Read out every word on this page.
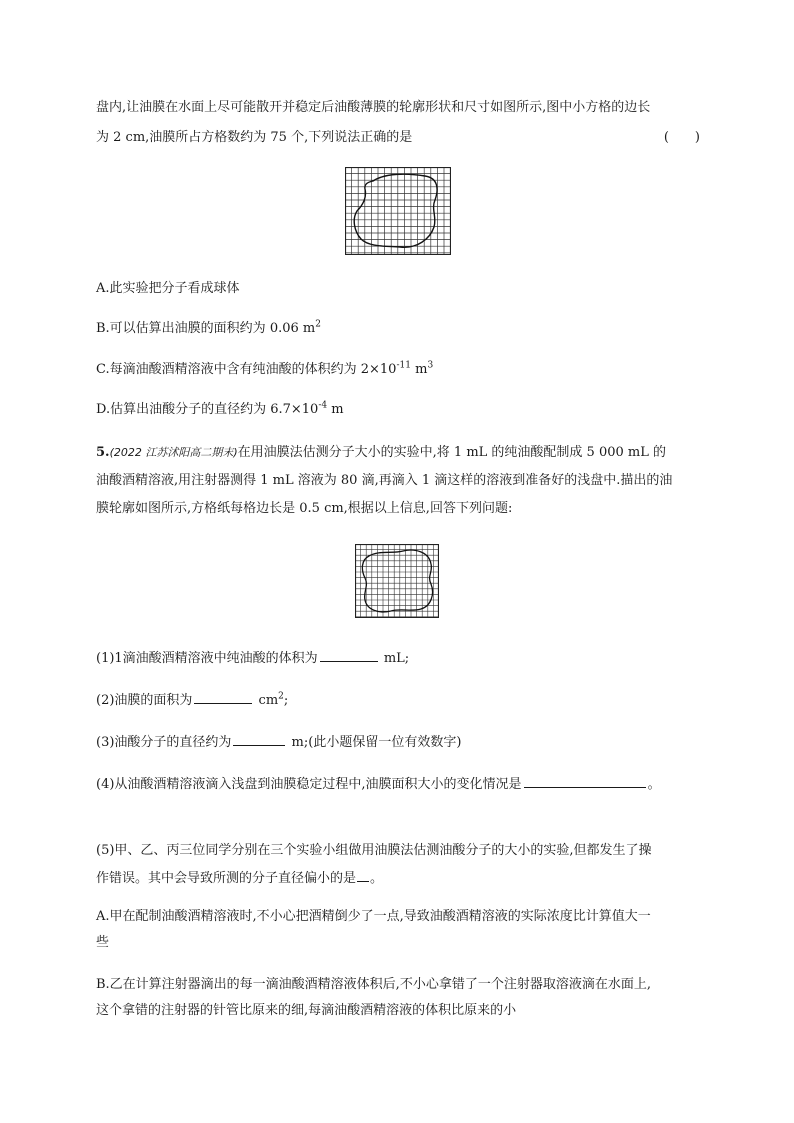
盘内,让油膜在水面上尽可能散开并稳定后油酸薄膜的轮廓形状和尺寸如图所示,图中小方格的边长
为 2 cm,油膜所占方格数约为 75 个,下列说法正确的是	(　　)
A.此实验把分子看成球体
B.可以估算出油膜的面积约为 0.06 $m^2$
C.每滴油酸酒精溶液中含有纯油酸的体积约为 $2\times 10^{-11}$ $m^3$
D.估算出油酸分子的直径约为 $6.7\times 10^{-4}$ m
5.(2022 江苏沭阳高二期末)在用油膜法估测分子大小的实验中,将 1 mL 的纯油酸配制成 5 000 mL 的
油酸酒精溶液,用注射器测得 1 mL 溶液为 80 滴,再滴入 1 滴这样的溶液到准备好的浅盘中.描出的油
膜轮廓如图所示,方格纸每格边长是 0.5 cm,根据以上信息,回答下列问题:
(1)1滴油酸酒精溶液中纯油酸的体积为	mL;
(2)油膜的面积为	$cm^2$;
(3)油酸分子的直径约为	m;(此小题保留一位有效数字)
(4)从油酸酒精溶液滴入浅盘到油膜稳定过程中,油膜面积大小的变化情况是	。
(5)甲、乙、丙三位同学分别在三个实验小组做用油膜法估测油酸分子的大小的实验,但都发生了操
作错误。其中会导致所测的分子直径偏小的是 。
A.甲在配制油酸酒精溶液时,不小心把酒精倒少了一点,导致油酸酒精溶液的实际浓度比计算值大一
些
B.乙在计算注射器滴出的每一滴油酸酒精溶液体积后,不小心拿错了一个注射器取溶液滴在水面上,
这个拿错的注射器的针管比原来的细,每滴油酸酒精溶液的体积比原来的小
